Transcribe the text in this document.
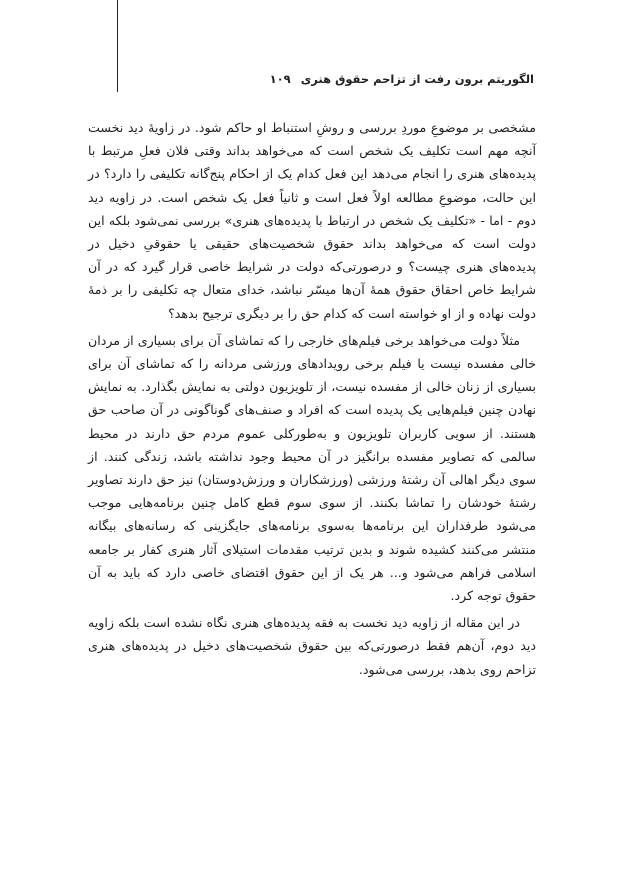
الگوریتم برون رفت از تزاحم حقوق هنری
۱۰۹

مشخصی بر موضوعِ موردِ بررسی و روشِ استنباط او حاکم شود. در زاویۀ دید نخست آنچه مهم است تکلیف یک شخص است که می‌خواهد بداند وقتی فلان فعلِ مرتبط با پدیده‌های هنری را انجام می‌دهد این فعل کدام یک از احکام پنج‌گانه تکلیفی را دارد؟ در این حالت، موضوعِ مطالعه اولاً فعل است و ثانیاً فعل یک شخص است. در زاویه دید دوم - اما - «تکلیف یک شخص در ارتباط با پدیده‌های هنری» بررسی نمی‌شود بلکه این دولت است که می‌خواهد بداند حقوق شخصیت‌های حقیقی یا حقوقیِ دخیل در پدیده‌های هنری چیست؟ و درصورتی‌که دولت در شرایط خاصی قرار گیرد که در آن شرایط خاص احقاق حقوق همۀ آن‌ها میسّر نباشد، خدای متعال چه تکلیفی را بر ذمۀ دولت نهاده و از او خواسته است که کدام حق را بر دیگری ترجیح بدهد؟

مثلاً دولت می‌خواهد برخی فیلم‌های خارجی را که تماشای آن برای بسیاری از مردان خالی مفسده نیست یا فیلم برخی رویدادهای ورزشی مردانه را که تماشای آن برای بسیاری از زنان خالی از مفسده نیست، از تلویزیون دولتی به نمایش بگذارد. به نمایش نهادن چنین فیلم‌هایی یک پدیده است که افراد و صنف‌های گوناگونی در آن صاحب حق هستند. از سویی کاربران تلویزیون و به‌طورکلی عموم مردم حق دارند در محیط سالمی که تصاویر مفسده برانگیز در آن محیط وجود نداشته باشد، زندگی کنند. از سوی دیگر اهالی آن رشتۀ ورزشی (ورزشکاران و ورزش‌دوستان) نیز حق دارند تصاویر رشتۀ خودشان را تماشا بکنند. از سوی سوم قطع کامل چنین برنامه‌هایی موجب می‌شود طرفداران این برنامه‌ها به‌سوی برنامه‌های جایگزینی که رسانه‌های بیگانه منتشر می‌کنند کشیده شوند و بدین ترتیب مقدمات استیلای آثار هنری کفار بر جامعه اسلامی فراهم می‌شود و... هر یک از این حقوق اقتضای خاصی دارد که باید به آن حقوق توجه کرد.

در این مقاله از زاویه دید نخست به فقه پدیده‌های هنری نگاه نشده است بلکه زاویه دید دوم، آن‌هم فقط درصورتی‌که بین حقوق شخصیت‌های دخیل در پدیده‌های هنری تزاحم روی بدهد، بررسی می‌شود.
